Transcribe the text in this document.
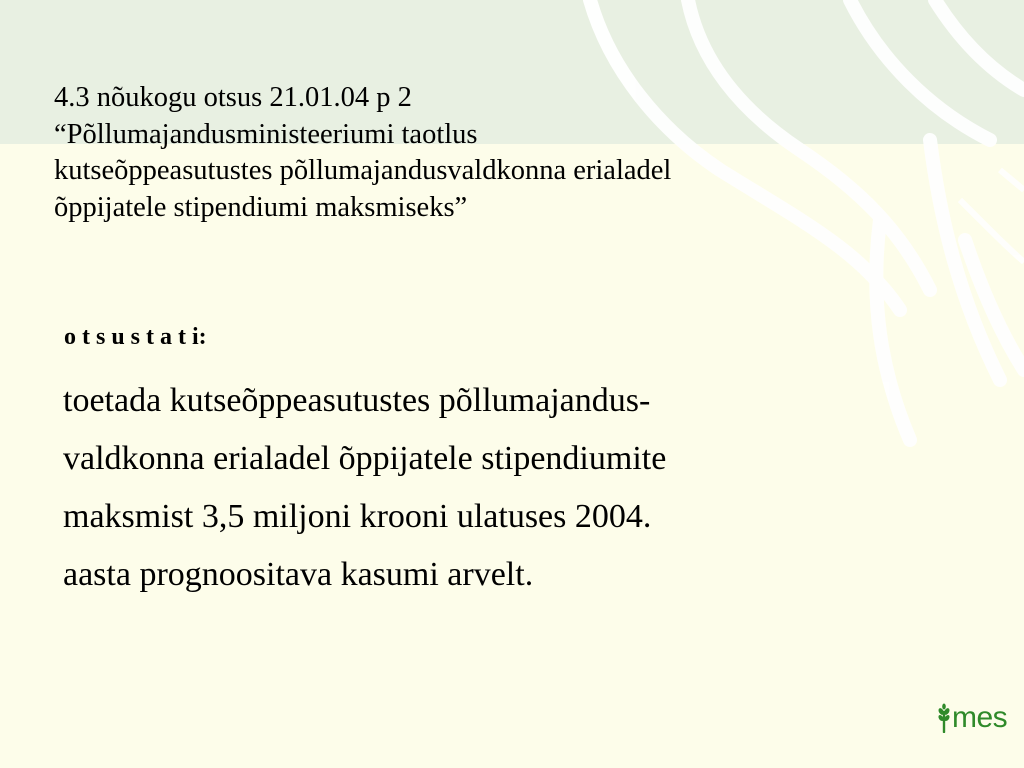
4.3 nõukogu otsus 21.01.04 p 2
“Põllumajandusministeeriumi taotlus
kutseõppeasutustes põllumajandusvaldkonna erialadel
õppijatele stipendiumi maksmiseks”

o t s u s t a t i:

toetada kutseõppeasutustes põllumajandus-
valdkonna erialadel õppijatele stipendiumite
maksmist 3,5 miljoni krooni ulatuses 2004.
aasta prognoositava kasumi arvelt.
mes
